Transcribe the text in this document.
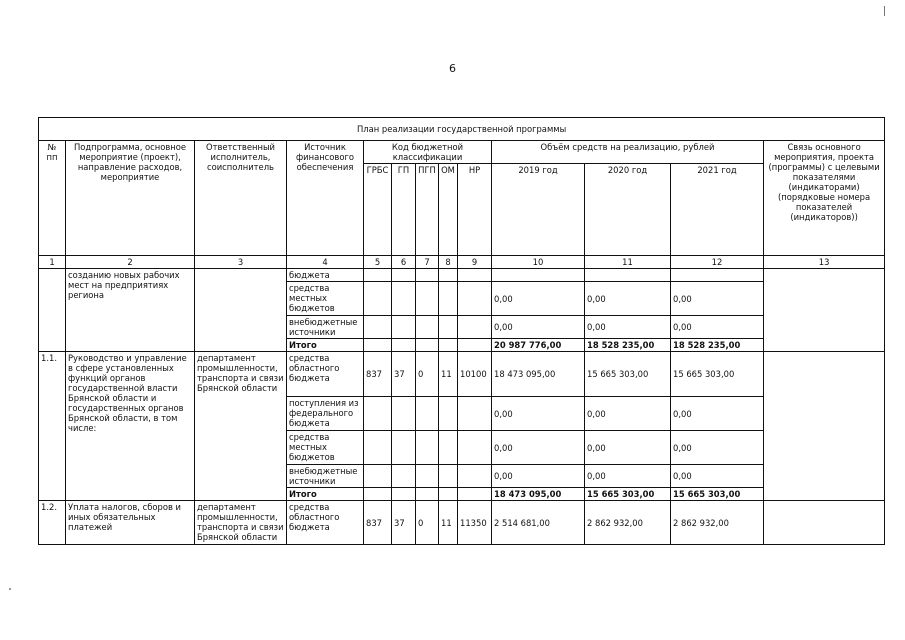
6
План реализации государственной программы												
№ пп	Подпрограмма, основное мероприятие (проект), направление расходов, мероприятие	Ответственный исполнитель, соисполнитель	Источник финансового обеспечения	Код бюджетной классификации					Объём средств на реализацию, рублей			Связь основного мероприятия, проекта (программы) с целевыми показателями (индикаторами) (порядковые номера показателей (индикаторов))
				ГРБС	ГП	ПГП	ОМ	НР	2019 год	2020 год	2021 год	
1	2	3	4	5	6	7	8	9	10	11	12	13
	созданию новых рабочих мест на предприятиях региона		бюджета									
			средства местных бюджетов						0,00	0,00	0,00	
			внебюджетные источники						0,00	0,00	0,00	
			Итого						20 987 776,00	18 528 235,00	18 528 235,00	
1.1.	Руководство и управление в сфере установленных функций органов государственной власти Брянской области и государственных органов Брянской области, в том числе:	департамент промышленности, транспорта и связи Брянской области	средства областного бюджета	837	37	0	11	10100	18 473 095,00	15 665 303,00	15 665 303,00	
			поступления из федерального бюджета						0,00	0,00	0,00	
			средства местных бюджетов						0,00	0,00	0,00	
			внебюджетные источники						0,00	0,00	0,00	
			Итого						18 473 095,00	15 665 303,00	15 665 303,00	
1.2.	Уплата налогов, сборов и иных обязательных платежей	департамент промышленности, транспорта и связи Брянской области	средства областного бюджета	837	37	0	11	11350	2 514 681,00	2 862 932,00	2 862 932,00	
